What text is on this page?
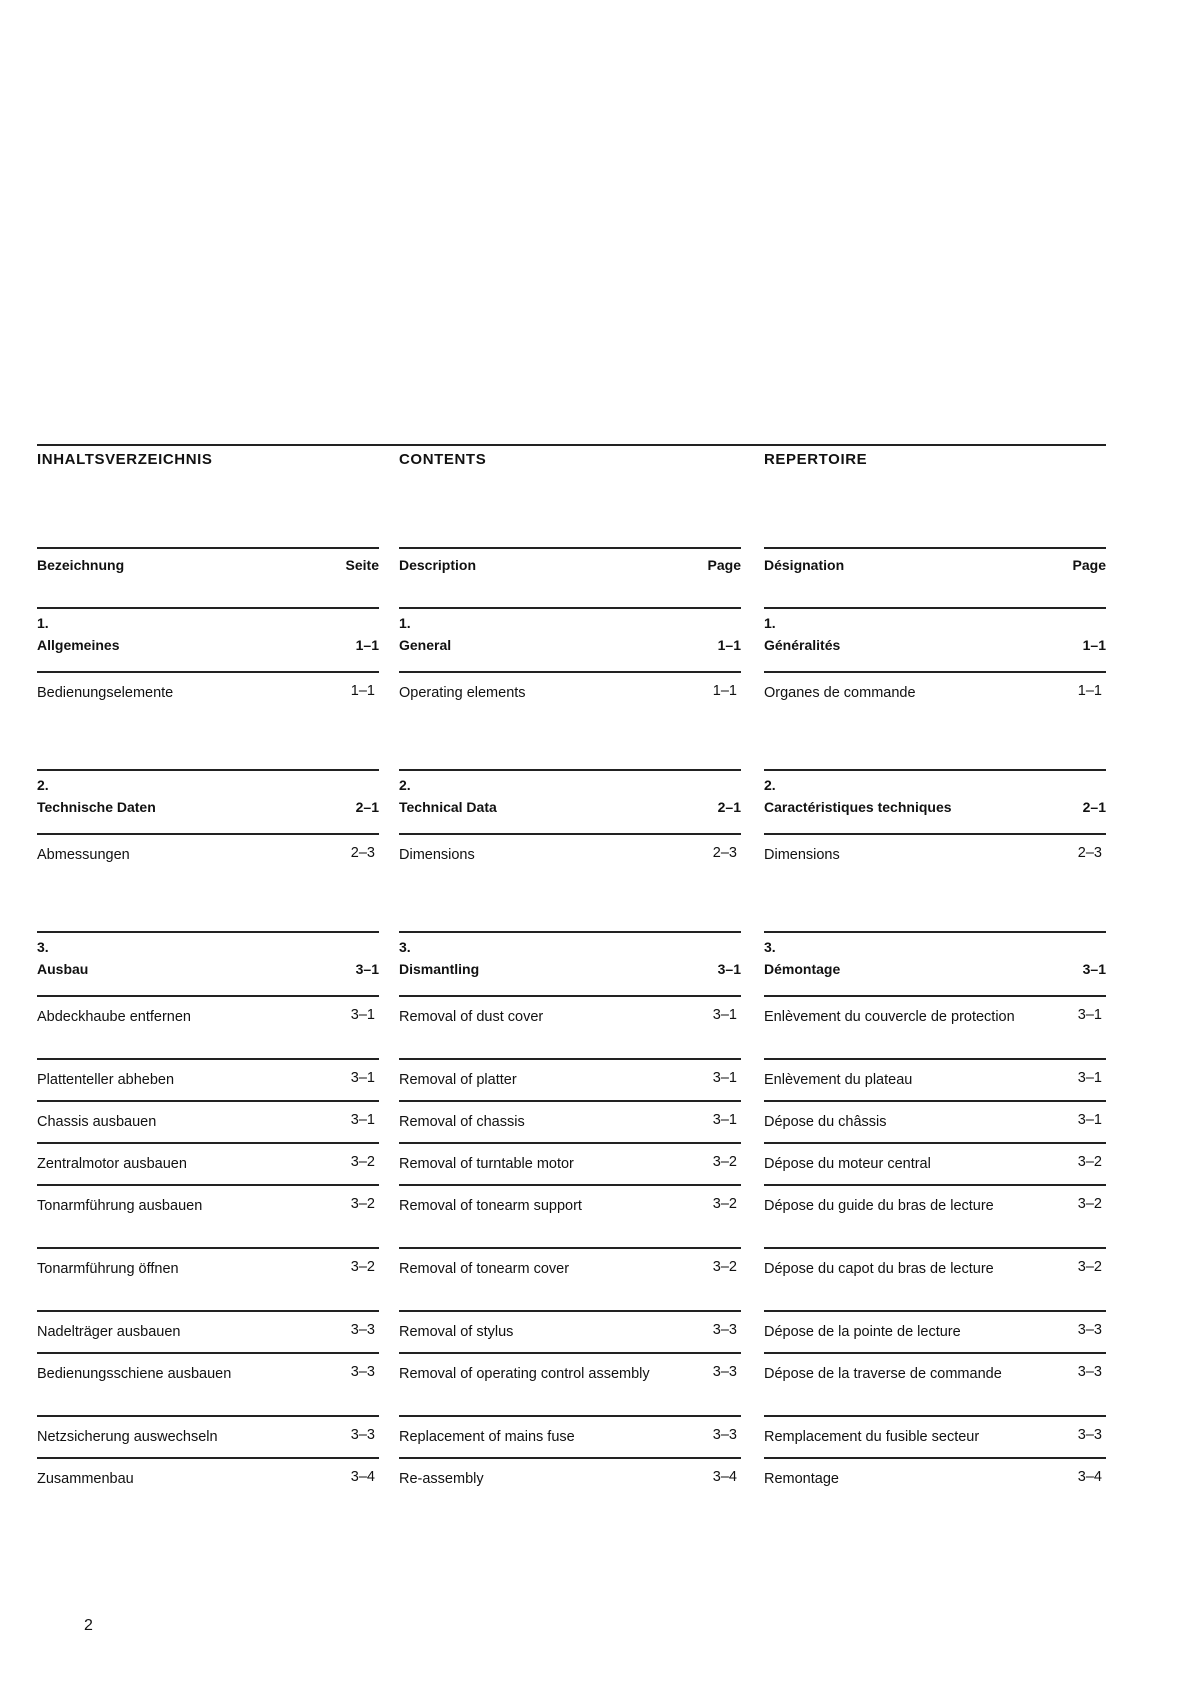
INHALTSVERZEICHNIS
Bezeichnung	Seite
1.
Allgemeines	1–1
Bedienungselemente	1–1
2.
Technische Daten	2–1
Abmessungen	2–3
3.
Ausbau	3–1
Abdeckhaube entfernen	3–1
Plattenteller abheben	3–1
Chassis ausbauen	3–1
Zentralmotor ausbauen	3–2
Tonarmführung ausbauen	3–2
Tonarmführung öffnen	3–2
Nadelträger ausbauen	3–3
Bedienungsschiene ausbauen	3–3
Netzsicherung auswechseln	3–3
Zusammenbau	3–4
CONTENTS
Description	Page
1.
General	1–1
Operating elements	1–1
2.
Technical Data	2–1
Dimensions	2–3
3.
Dismantling	3–1
Removal of dust cover	3–1
Removal of platter	3–1
Removal of chassis	3–1
Removal of turntable motor	3–2
Removal of tonearm support	3–2
Removal of tonearm cover	3–2
Removal of stylus	3–3
Removal of operating control assembly	3–3
Replacement of mains fuse	3–3
Re-assembly	3–4
REPERTOIRE
Désignation	Page
1.
Généralités	1–1
Organes de commande	1–1
2.
Caractéristiques techniques	2–1
Dimensions	2–3
3.
Démontage	3–1
Enlèvement du couvercle de protection	3–1
Enlèvement du plateau	3–1
Dépose du châssis	3–1
Dépose du moteur central	3–2
Dépose du guide du bras de lecture	3–2
Dépose du capot du bras de lecture	3–2
Dépose de la pointe de lecture	3–3
Dépose de la traverse de commande	3–3
Remplacement du fusible secteur	3–3
Remontage	3–4
2
